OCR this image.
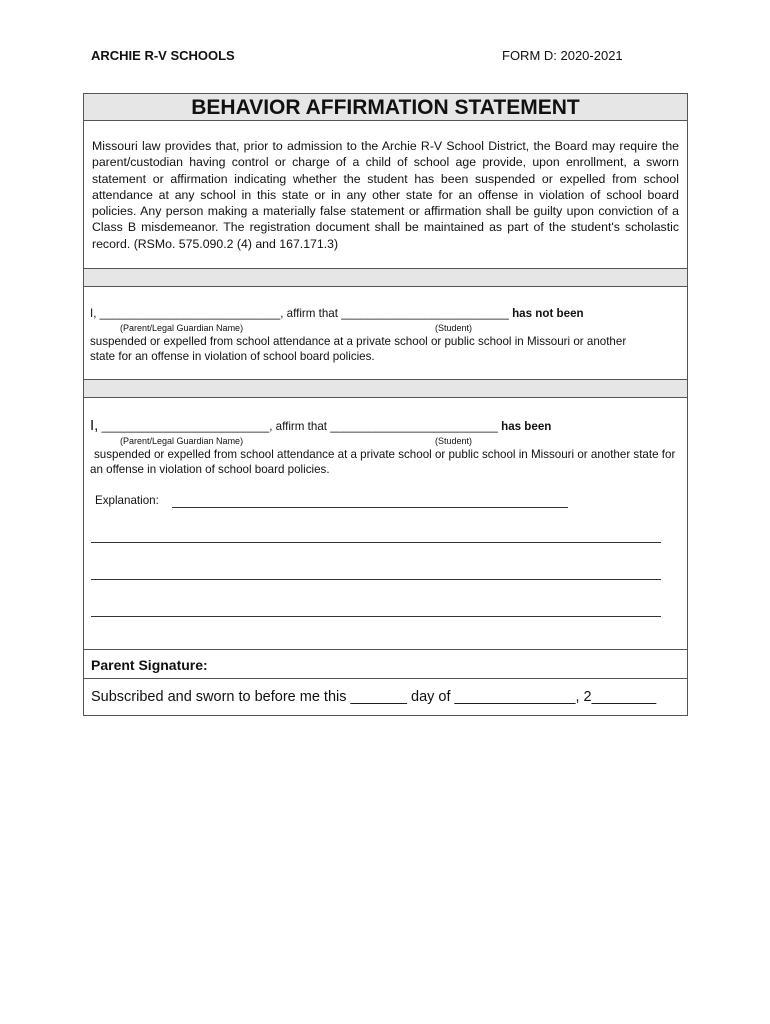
ARCHIE R-V SCHOOLS	FORM D: 2020-2021
BEHAVIOR AFFIRMATION STATEMENT
Missouri law provides that, prior to admission to the Archie R-V School District, the Board may require the parent/custodian having control or charge of a child of school age provide, upon enrollment, a sworn statement or affirmation indicating whether the student has been suspended or expelled from school attendance at any school in this state or in any other state for an offense in violation of school board policies. Any person making a materially false statement or affirmation shall be guilty upon conviction of a Class B misdemeanor. The registration document shall be maintained as part of the student's scholastic record. (RSMo. 575.090.2 (4) and 167.171.3)
I, ____________________________, affirm that __________________________ has not been
(Parent/Legal Guardian Name)	(Student)
suspended or expelled from school attendance at a private school or public school in Missouri or another state for an offense in violation of school board policies.
I, __________________________, affirm that __________________________ has been
(Parent/Legal Guardian Name)	(Student)
suspended or expelled from school attendance at a private school or public school in Missouri or another state for an offense in violation of school board policies.
Explanation:
Parent Signature:
Subscribed and sworn to before me this _______ day of _______________, 2________
